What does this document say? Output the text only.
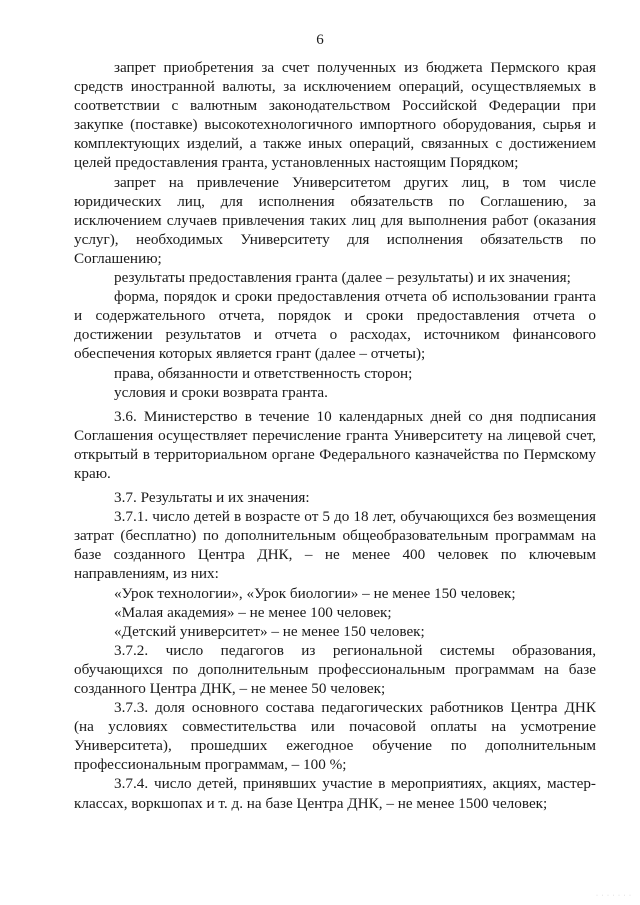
6

запрет приобретения за счет полученных из бюджета Пермского края средств иностранной валюты, за исключением операций, осуществляемых в соответствии с валютным законодательством Российской Федерации при закупке (поставке) высокотехнологичного импортного оборудования, сырья и комплектующих изделий, а также иных операций, связанных с достижением целей предоставления гранта, установленных настоящим Порядком;

запрет на привлечение Университетом других лиц, в том числе юридических лиц, для исполнения обязательств по Соглашению, за исключением случаев привлечения таких лиц для выполнения работ (оказания услуг), необходимых Университету для исполнения обязательств по Соглашению;

результаты предоставления гранта (далее – результаты) и их значения;

форма, порядок и сроки предоставления отчета об использовании гранта и содержательного отчета, порядок и сроки предоставления отчета о достижении результатов и отчета о расходах, источником финансового обеспечения которых является грант (далее – отчеты);

права, обязанности и ответственность сторон;

условия и сроки возврата гранта.

3.6. Министерство в течение 10 календарных дней со дня подписания Соглашения осуществляет перечисление гранта Университету на лицевой счет, открытый в территориальном органе Федерального казначейства по Пермскому краю.

3.7. Результаты и их значения:

3.7.1. число детей в возрасте от 5 до 18 лет, обучающихся без возмещения затрат (бесплатно) по дополнительным общеобразовательным программам на базе созданного Центра ДНК, – не менее 400 человек по ключевым направлениям, из них:

«Урок технологии», «Урок биологии» – не менее 150 человек;

«Малая академия» – не менее 100 человек;

«Детский университет» – не менее 150 человек;

3.7.2. число педагогов из региональной системы образования, обучающихся по дополнительным профессиональным программам на базе созданного Центра ДНК, – не менее 50 человек;

3.7.3. доля основного состава педагогических работников Центра ДНК (на условиях совместительства или почасовой оплаты на усмотрение Университета), прошедших ежегодное обучение по дополнительным профессиональным программам, – 100 %;

3.7.4. число детей, принявших участие в мероприятиях, акциях, мастер-классах, воркшопах и т. д. на базе Центра ДНК, – не менее 1500 человек;

· · · · · · ·
